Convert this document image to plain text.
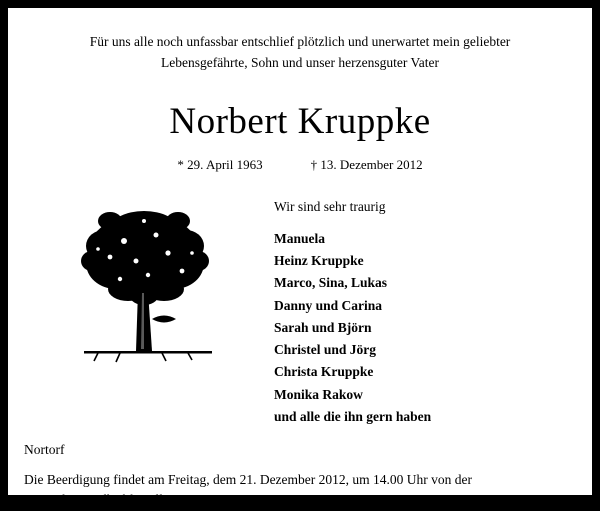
Für uns alle noch unfassbar entschlief plötzlich und unerwartet mein geliebter
Lebensgefährte, Sohn und unser herzensguter Vater
Norbert Kruppke
* 29. April 1963	† 13. Dezember 2012
Wir sind sehr traurig
Manuela
Heinz Kruppke
Marco, Sina, Lukas
Danny und Carina
Sarah und Björn
Christel und Jörg
Christa Kruppke
Monika Rakow
und alle die ihn gern haben
Nortorf
Die Beerdigung findet am Freitag, dem 21. Dezember 2012, um 14.00 Uhr von der
Nortorfer Friedhofskapelle aus statt.
